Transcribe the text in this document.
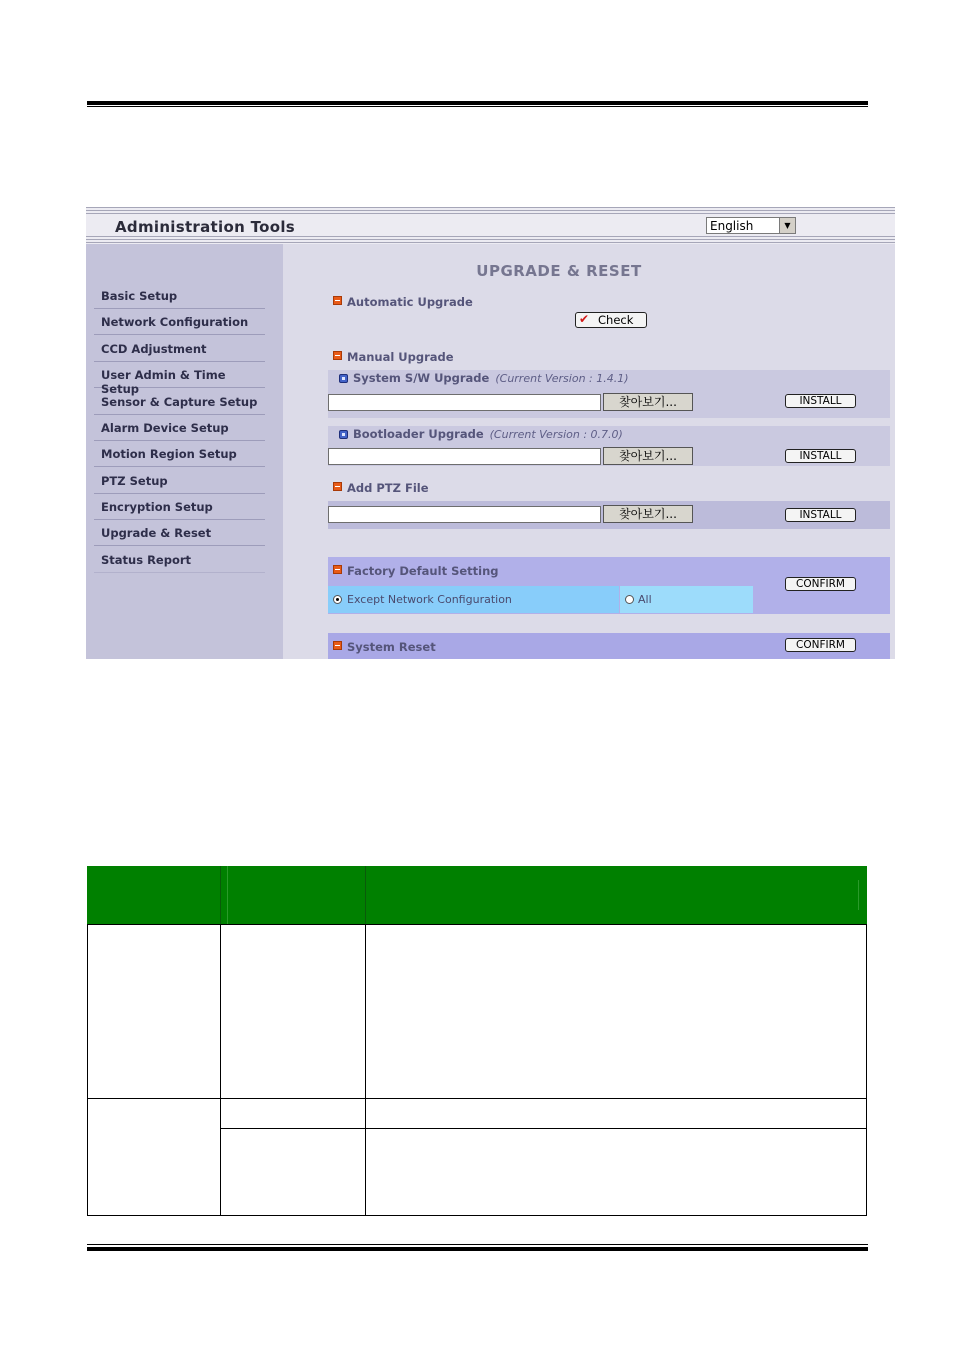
Administration Tools	English	▼
Basic Setup
Network Configuration
CCD Adjustment
User Admin & Time Setup
Sensor & Capture Setup
Alarm Device Setup
Motion Region Setup
PTZ Setup
Encryption Setup
Upgrade & Reset
Status Report
UPGRADE & RESET
Automatic Upgrade
✔ Check
Manual Upgrade
System S/W Upgrade (Current Version : 1.4.1)
찾아보기...	INSTALL
Bootloader Upgrade (Current Version : 0.7.0)
찾아보기...	INSTALL
Add PTZ File
찾아보기...	INSTALL
Factory Default Setting
CONFIRM
Except Network Configuration	All
System Reset	CONFIRM
